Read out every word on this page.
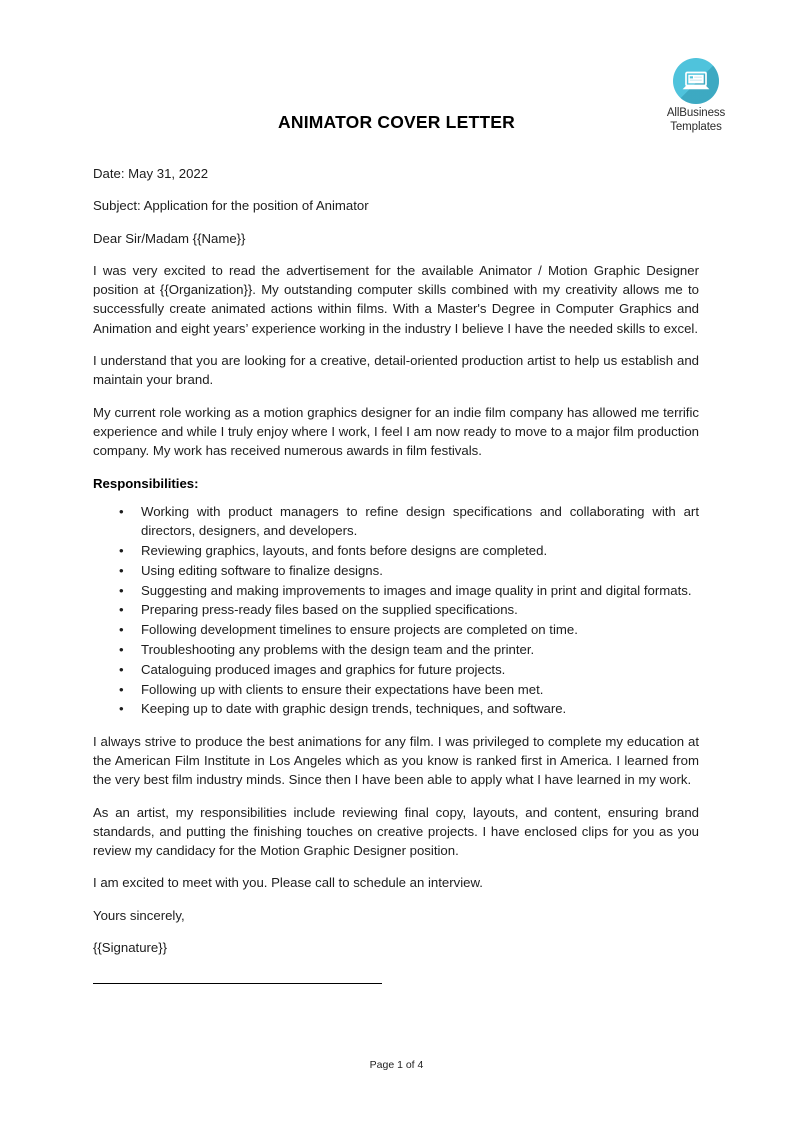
AllBusiness
Templates
ANIMATOR COVER LETTER
Date: May 31, 2022
Subject: Application for the position of Animator
Dear Sir/Madam {{Name}}

I was very excited to read the advertisement for the available Animator / Motion Graphic Designer position at {{Organization}}. My outstanding computer skills combined with my creativity allows me to successfully create animated actions within films. With a Master's Degree in Computer Graphics and Animation and eight years’ experience working in the industry I believe I have the needed skills to excel.

I understand that you are looking for a creative, detail-oriented production artist to help us establish and maintain your brand.

My current role working as a motion graphics designer for an indie film company has allowed me terrific experience and while I truly enjoy where I work, I feel I am now ready to move to a major film production company. My work has received numerous awards in film festivals.

Responsibilities:
•	Working with product managers to refine design specifications and collaborating with art directors, designers, and developers.
•	Reviewing graphics, layouts, and fonts before designs are completed.
•	Using editing software to finalize designs.
•	Suggesting and making improvements to images and image quality in print and digital formats.
•	Preparing press-ready files based on the supplied specifications.
•	Following development timelines to ensure projects are completed on time.
•	Troubleshooting any problems with the design team and the printer.
•	Cataloguing produced images and graphics for future projects.
•	Following up with clients to ensure their expectations have been met.
•	Keeping up to date with graphic design trends, techniques, and software.

I always strive to produce the best animations for any film. I was privileged to complete my education at the American Film Institute in Los Angeles which as you know is ranked first in America. I learned from the very best film industry minds. Since then I have been able to apply what I have learned in my work.

As an artist, my responsibilities include reviewing final copy, layouts, and content, ensuring brand standards, and putting the finishing touches on creative projects. I have enclosed clips for you as you review my candidacy for the Motion Graphic Designer position.

I am excited to meet with you. Please call to schedule an interview.

Yours sincerely,
{{Signature}}
Page 1 of 4
